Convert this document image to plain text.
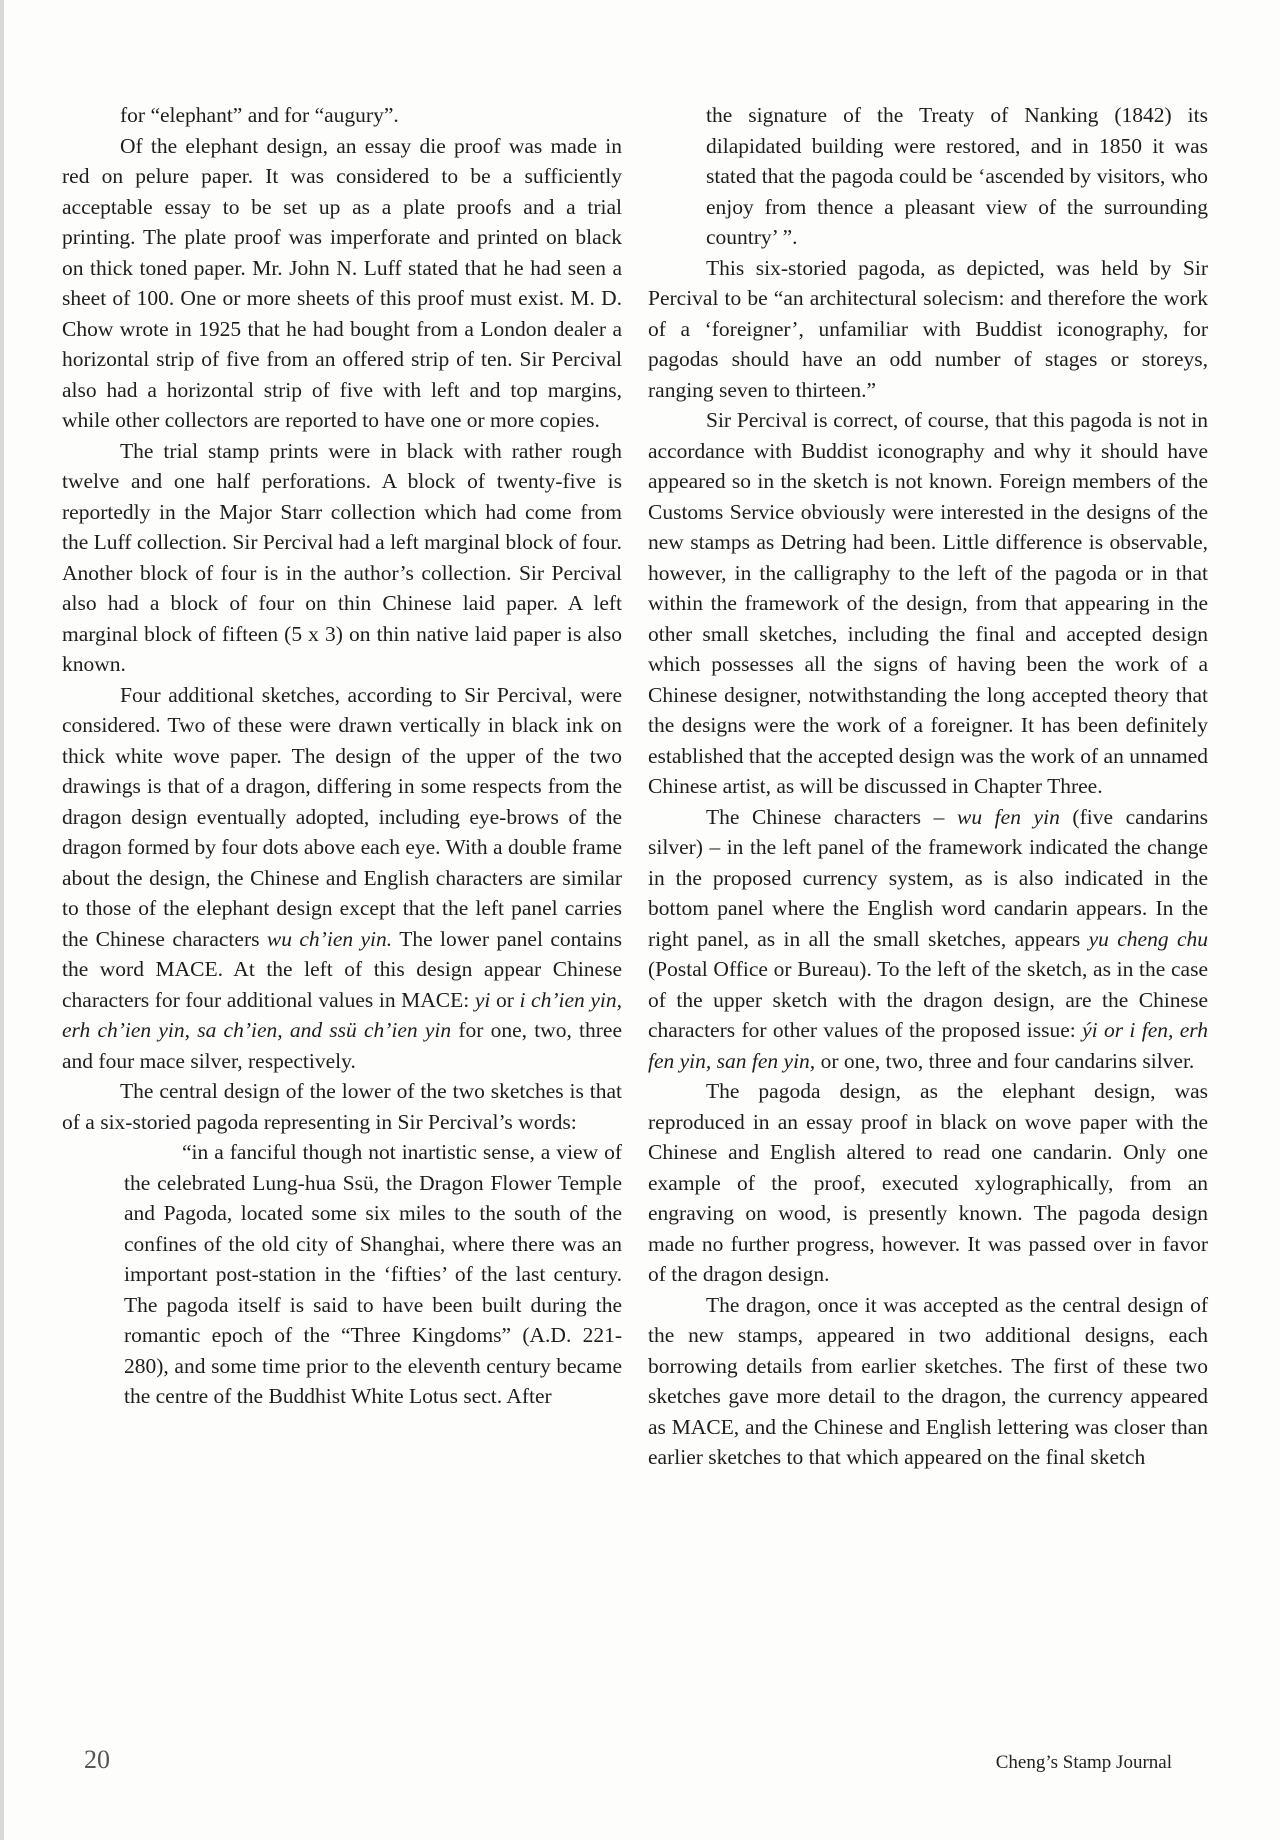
for “elephant” and for “augury”.

Of the elephant design, an essay die proof was made in red on pelure paper. It was considered to be a sufficiently acceptable essay to be set up as a plate proofs and a trial printing. The plate proof was imperforate and printed on black on thick toned paper. Mr. John N. Luff stated that he had seen a sheet of 100. One or more sheets of this proof must exist. M. D. Chow wrote in 1925 that he had bought from a London dealer a horizontal strip of five from an offered strip of ten. Sir Percival also had a horizontal strip of five with left and top margins, while other collectors are reported to have one or more copies.

The trial stamp prints were in black with rather rough twelve and one half perforations. A block of twenty-five is reportedly in the Major Starr collection which had come from the Luff collection. Sir Percival had a left marginal block of four. Another block of four is in the author’s collection. Sir Percival also had a block of four on thin Chinese laid paper. A left marginal block of fifteen (5 x 3) on thin native laid paper is also known.

Four additional sketches, according to Sir Percival, were considered. Two of these were drawn vertically in black ink on thick white wove paper. The design of the upper of the two drawings is that of a dragon, differing in some respects from the dragon design eventually adopted, including eye-brows of the dragon formed by four dots above each eye. With a double frame about the design, the Chinese and English characters are similar to those of the elephant design except that the left panel carries the Chinese characters wu ch’ien yin. The lower panel contains the word MACE. At the left of this design appear Chinese characters for four additional values in MACE: yi or i ch’ien yin, erh ch’ien yin, sa ch’ien, and ssü ch’ien yin for one, two, three and four mace silver, respectively.

The central design of the lower of the two sketches is that of a six-storied pagoda representing in Sir Percival’s words:

“in a fanciful though not inartistic sense, a view of the celebrated Lung-hua Ssü, the Dragon Flower Temple and Pagoda, located some six miles to the south of the confines of the old city of Shanghai, where there was an important post-station in the ‘fifties’ of the last century. The pagoda itself is said to have been built during the romantic epoch of the “Three Kingdoms” (A.D. 221-280), and some time prior to the eleventh century became the centre of the Buddhist White Lotus sect. After

the signature of the Treaty of Nanking (1842) its dilapidated building were restored, and in 1850 it was stated that the pagoda could be ‘ascended by visitors, who enjoy from thence a pleasant view of the surrounding country’ ”.

This six-storied pagoda, as depicted, was held by Sir Percival to be “an architectural solecism: and therefore the work of a ‘foreigner’, unfamiliar with Buddist iconography, for pagodas should have an odd number of stages or storeys, ranging seven to thirteen.”

Sir Percival is correct, of course, that this pagoda is not in accordance with Buddist iconography and why it should have appeared so in the sketch is not known. Foreign members of the Customs Service obviously were interested in the designs of the new stamps as Detring had been. Little difference is observable, however, in the calligraphy to the left of the pagoda or in that within the framework of the design, from that appearing in the other small sketches, including the final and accepted design which possesses all the signs of having been the work of a Chinese designer, notwithstanding the long accepted theory that the designs were the work of a foreigner. It has been definitely established that the accepted design was the work of an unnamed Chinese artist, as will be discussed in Chapter Three.

The Chinese characters – wu fen yin (five candarins silver) – in the left panel of the framework indicated the change in the proposed currency system, as is also indicated in the bottom panel where the English word candarin appears. In the right panel, as in all the small sketches, appears yu cheng chu (Postal Office or Bureau). To the left of the sketch, as in the case of the upper sketch with the dragon design, are the Chinese characters for other values of the proposed issue: ýi or i fen, erh fen yin, san fen yin, or one, two, three and four candarins silver.

The pagoda design, as the elephant design, was reproduced in an essay proof in black on wove paper with the Chinese and English altered to read one candarin. Only one example of the proof, executed xylographically, from an engraving on wood, is presently known. The pagoda design made no further progress, however. It was passed over in favor of the dragon design.

The dragon, once it was accepted as the central design of the new stamps, appeared in two additional designs, each borrowing details from earlier sketches. The first of these two sketches gave more detail to the dragon, the currency appeared as MACE, and the Chinese and English lettering was closer than earlier sketches to that which appeared on the final sketch

20	Cheng’s Stamp Journal
